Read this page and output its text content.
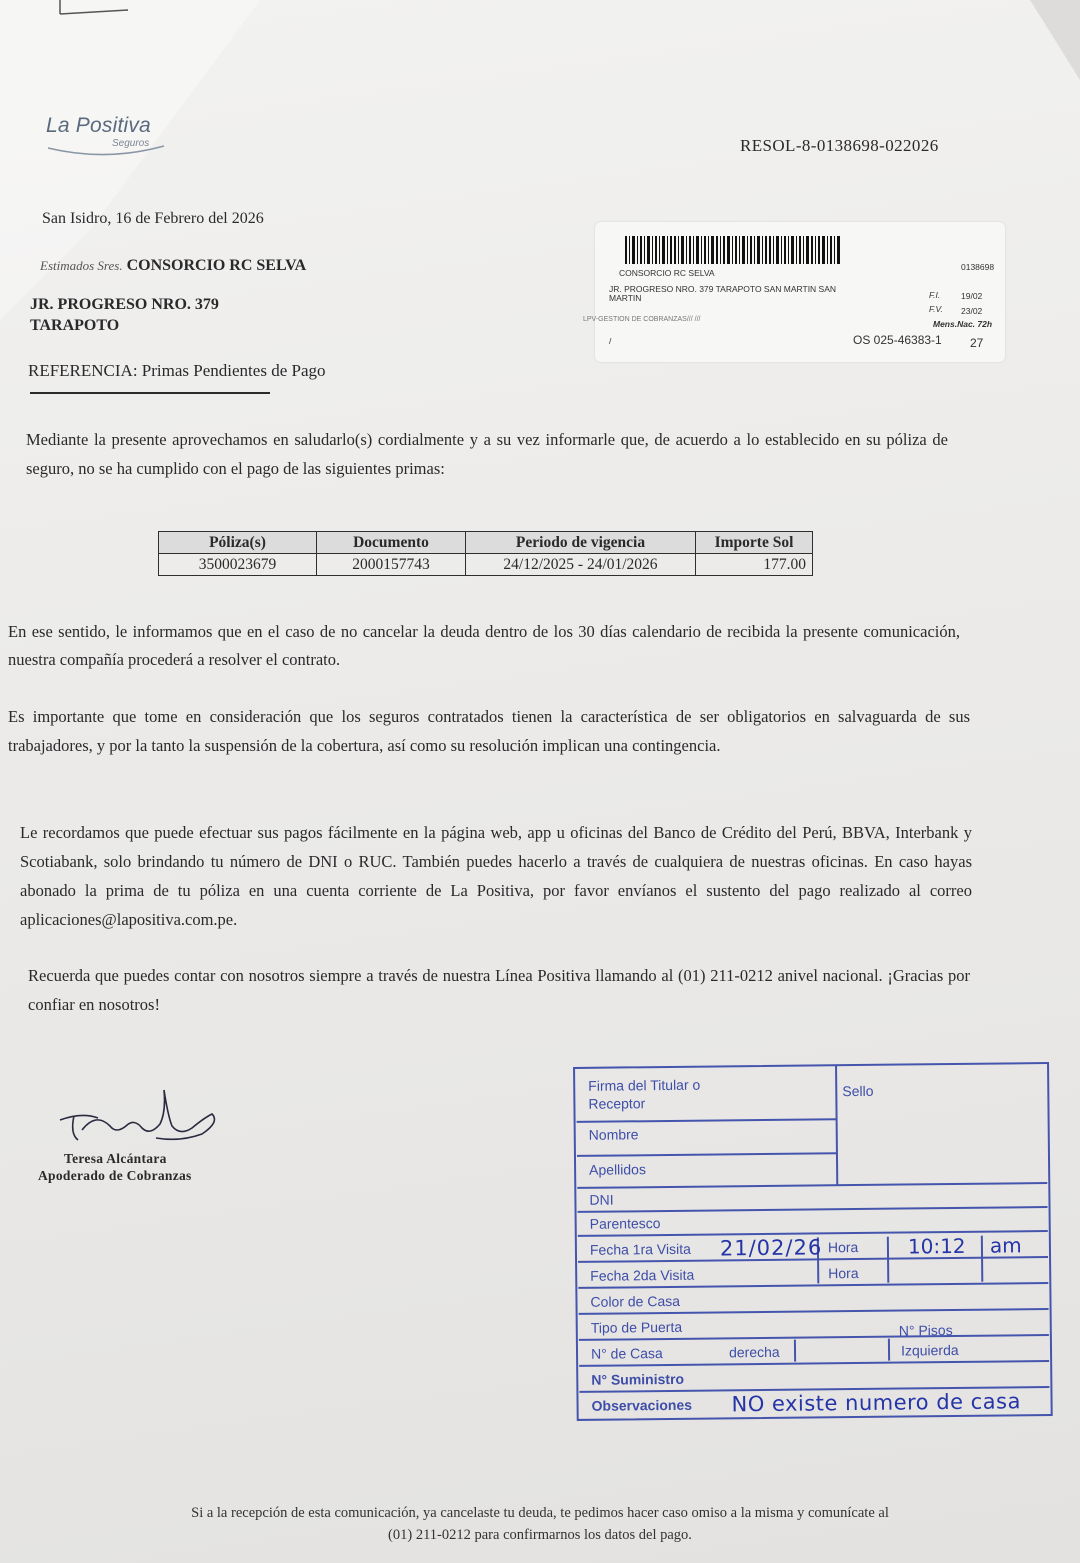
La Positiva
Seguros	RESOL-8-0138698-022026
San Isidro, 16 de Febrero del 2026
Estimados Sres. CONSORCIO RC SELVA
JR. PROGRESO NRO. 379
TARAPOTO
REFERENCIA: Primas Pendientes de Pago
0138698
CONSORCIO RC SELVA
JR. PROGRESO NRO. 379 TARAPOTO SAN MARTIN SAN
MARTIN	F.I. 19/02
F.V. 23/02
Mens.Nac. 72h
LPV-GESTION DE COBRANZAS/// ///
/	OS 025-46383-1 27
Mediante la presente aprovechamos en saludarlo(s) cordialmente y a su vez informarle que, de acuerdo a lo establecido en su póliza de seguro, no se ha cumplido con el pago de las siguientes primas:
Póliza(s)	Documento	Periodo de vigencia	Importe Sol
3500023679	2000157743	24/12/2025 - 24/01/2026	177.00
En ese sentido, le informamos que en el caso de no cancelar la deuda dentro de los 30 días calendario de recibida la presente comunicación, nuestra compañía procederá a resolver el contrato.
Es importante que tome en consideración que los seguros contratados tienen la característica de ser obligatorios en salvaguarda de sus trabajadores, y por la tanto la suspensión de la cobertura, así como su resolución implican una contingencia.
Le recordamos que puede efectuar sus pagos fácilmente en la página web, app u oficinas del Banco de Crédito del Perú, BBVA, Interbank y Scotiabank, solo brindando tu número de DNI o RUC. También puedes hacerlo a través de cualquiera de nuestras oficinas. En caso hayas abonado la prima de tu póliza en una cuenta corriente de La Positiva, por favor envíanos el sustento del pago realizado al correo aplicaciones@lapositiva.com.pe.
Recuerda que puedes contar con nosotros siempre a través de nuestra Línea Positiva llamando al (01) 211-0212 anivel nacional. ¡Gracias por confiar en nosotros!
Teresa Alcántara
Apoderado de Cobranzas
Firma del Titular o Receptor
Sello
Nombre
Apellidos
DNI
Parentesco
Fecha 1ra Visita 21/02/26 Hora 10:12 am
Fecha 2da Visita	Hora
Color de Casa
Tipo de Puerta	N° Pisos
N° de Casa	derecha	Izquierda
N° Suministro
Observaciones NO existe numero de casa
Si a la recepción de esta comunicación, ya cancelaste tu deuda, te pedimos hacer caso omiso a la misma y comunícate al
(01) 211-0212 para confirmarnos los datos del pago.
